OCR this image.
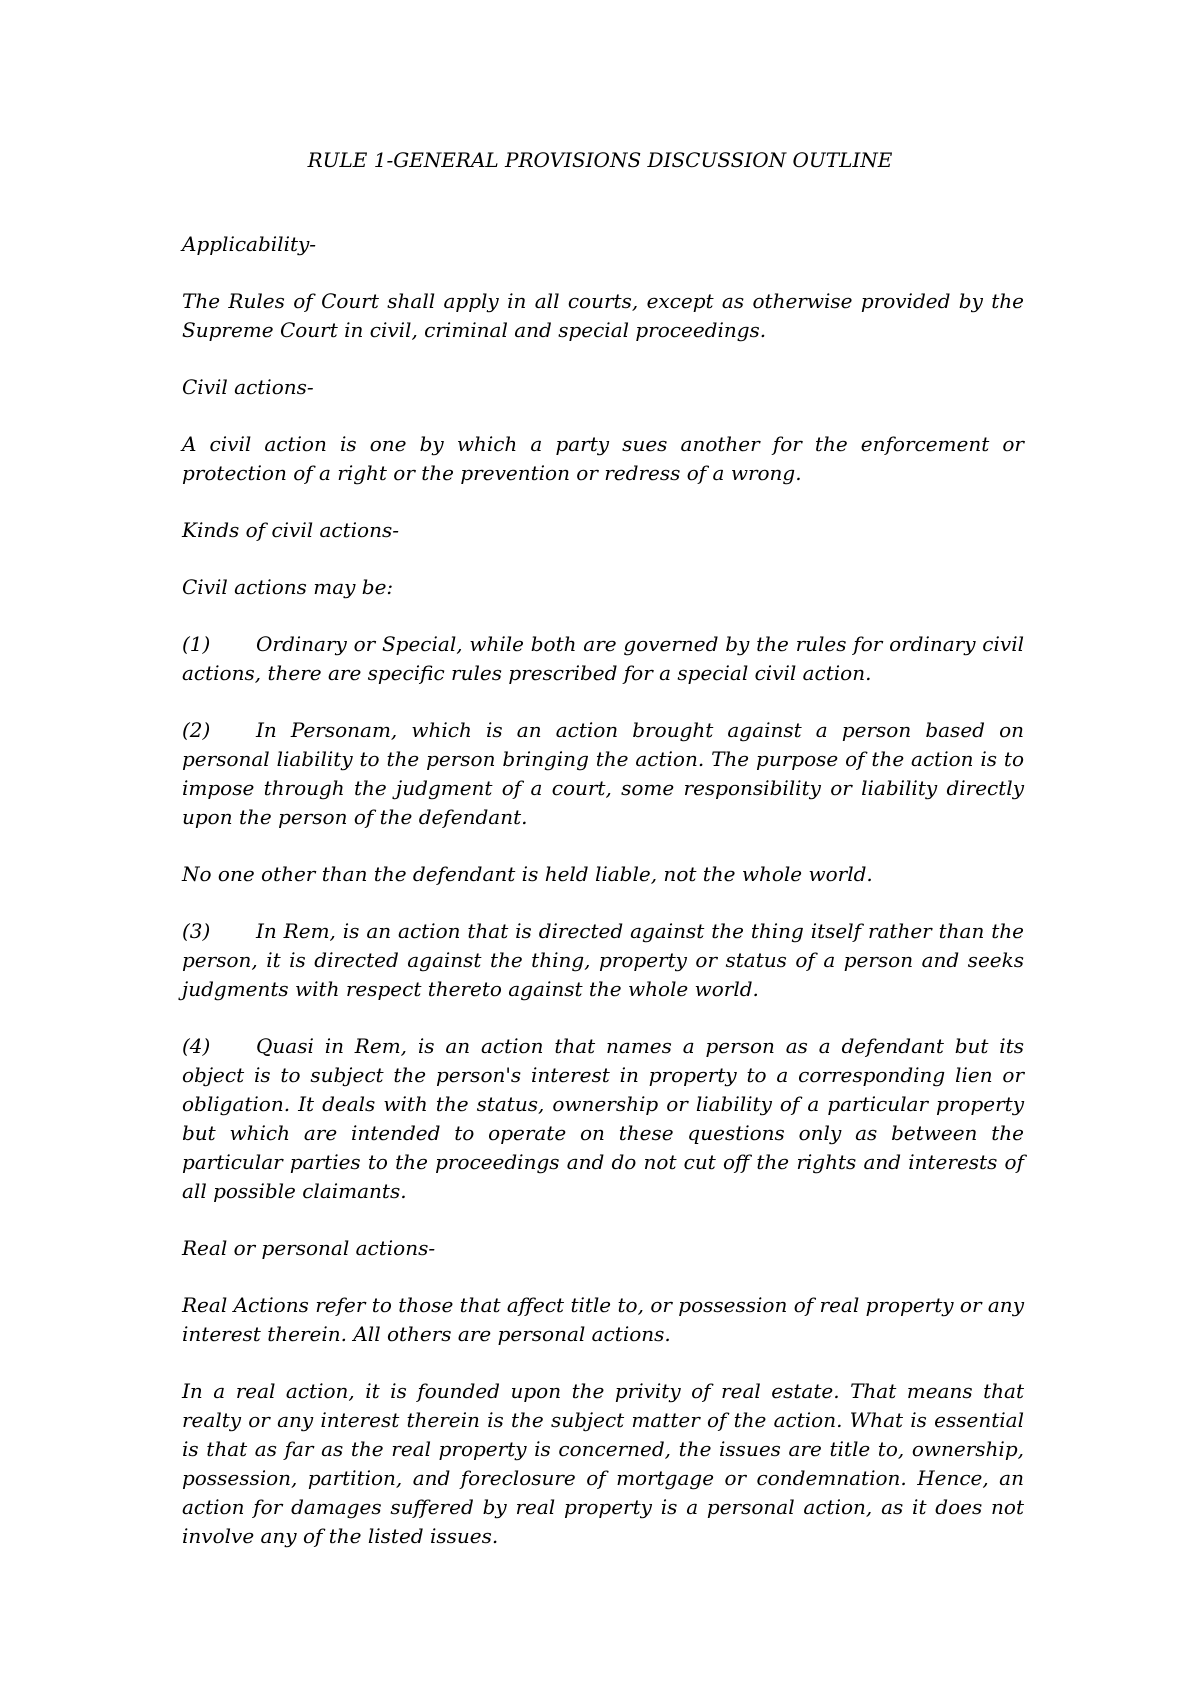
RULE 1-GENERAL PROVISIONS DISCUSSION OUTLINE

Applicability-

The Rules of Court shall apply in all courts, except as otherwise provided by the Supreme Court in civil, criminal and special proceedings.

Civil actions-

A civil action is one by which a party sues another for the enforcement or protection of a right or the prevention or redress of a wrong.

Kinds of civil actions-

Civil actions may be:

(1) Ordinary or Special, while both are governed by the rules for ordinary civil actions, there are specific rules prescribed for a special civil action.

(2) In Personam, which is an action brought against a person based on personal liability to the person bringing the action. The purpose of the action is to impose through the judgment of a court, some responsibility or liability directly upon the person of the defendant.

No one other than the defendant is held liable, not the whole world.

(3) In Rem, is an action that is directed against the thing itself rather than the person, it is directed against the thing, property or status of a person and seeks judgments with respect thereto against the whole world.

(4) Quasi in Rem, is an action that names a person as a defendant but its object is to subject the person's interest in property to a corresponding lien or obligation. It deals with the status, ownership or liability of a particular property but which are intended to operate on these questions only as between the particular parties to the proceedings and do not cut off the rights and interests of all possible claimants.

Real or personal actions-

Real Actions refer to those that affect title to, or possession of real property or any interest therein. All others are personal actions.

In a real action, it is founded upon the privity of real estate. That means that realty or any interest therein is the subject matter of the action. What is essential is that as far as the real property is concerned, the issues are title to, ownership, possession, partition, and foreclosure of mortgage or condemnation. Hence, an action for damages suffered by real property is a personal action, as it does not involve any of the listed issues.
